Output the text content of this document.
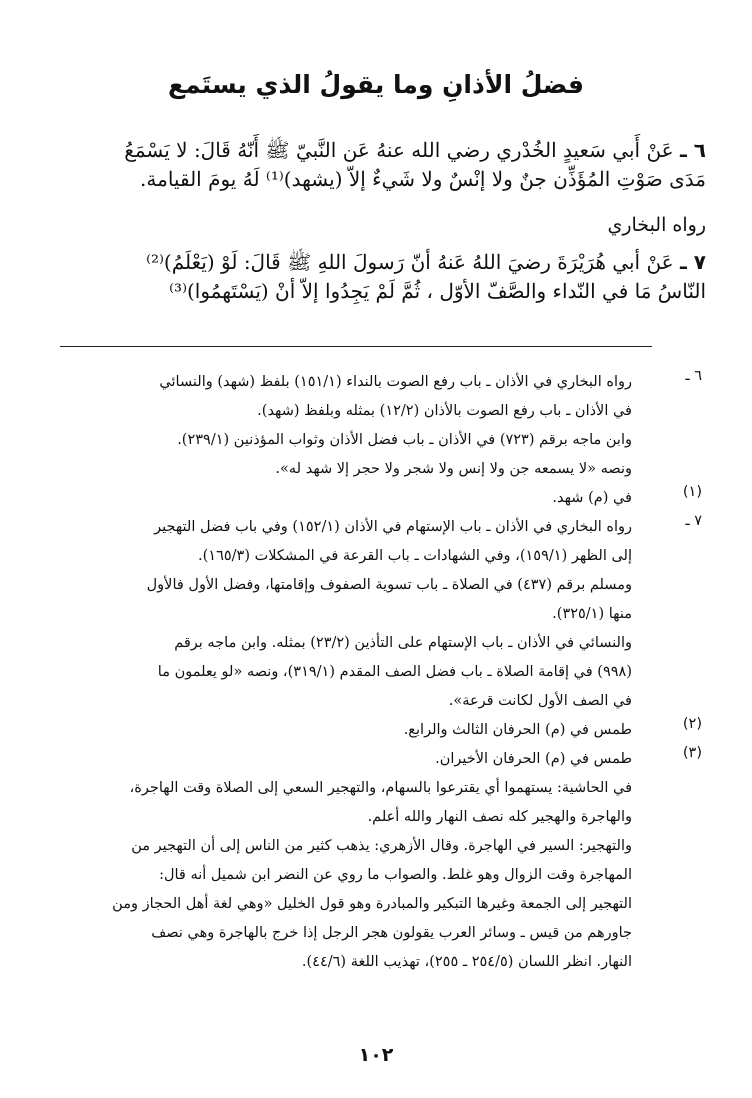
فضلُ الأذانِ وما يقولُ الذي يستَمع
٦ ـ عَنْ أَبي سَعيدٍ الخُدْري رضي الله عنهُ عَن النَّبيّ ﷺ أَنّهُ قَالَ: لا يَسْمَعُ
مَدَى صَوْتِ المُؤَذِّن جنٌ ولا إنْسٌ ولا شَيءٌ إلاّ (يشهد)⁽¹⁾ لَهُ يومَ القيامة.
رواه البخاري
٧ ـ عَنْ أبي هُرَيْرَةَ رضيَ اللهُ عَنهُ أنّ رَسولَ اللهِ ﷺ قَالَ: لَوْ (يَعْلَمُ)⁽²⁾
النّاسُ مَا في النّداء والصَّفّ الأوّل ، ثُمَّ لَمْ يَجِدُوا إلاّ أنْ (يَسْتَهمُوا)⁽³⁾
٦ ـ
رواه البخاري في الأذان ـ باب رفع الصوت بالنداء (١٥١/١) بلفظ (شهد) والنسائي
في الأذان ـ باب رفع الصوت بالأذان (١٢/٢) بمثله وبلفظ (شهد).
وابن ماجه برقم (٧٢٣) في الأذان ـ باب فضل الأذان وثواب المؤذنين (٢٣٩/١).
ونصه «لا يسمعه جن ولا إنس ولا شجر ولا حجر إلا شهد له».
(١)
في (م) شهد.
٧ ـ
رواه البخاري في الأذان ـ باب الإستهام في الأذان (١٥٢/١) وفي باب فضل التهجير
إلى الظهر (١٥٩/١)، وفي الشهادات ـ باب القرعة في المشكلات (١٦٥/٣).
ومسلم برقم (٤٣٧) في الصلاة ـ باب تسوية الصفوف وإقامتها، وفضل الأول فالأول
منها (٣٢٥/١).
والنسائي في الأذان ـ باب الإستهام على التأذين (٢٣/٢) بمثله. وابن ماجه برقم
(٩٩٨) في إقامة الصلاة ـ باب فضل الصف المقدم (٣١٩/١)، ونصه «لو يعلمون ما
في الصف الأول لكانت قرعة».
(٢)
طمس في (م) الحرفان الثالث والرابع.
(٣)
طمس في (م) الحرفان الأخيران.
في الحاشية: يستهموا أي يقترعوا بالسهام، والتهجير السعي إلى الصلاة وقت الهاجرة،
والهاجرة والهجير كله نصف النهار والله أعلم.
والتهجير: السير في الهاجرة. وقال الأزهري: يذهب كثير من الناس إلى أن التهجير من
المهاجرة وقت الزوال وهو غلط. والصواب ما روي عن النضر ابن شميل أنه قال:
التهجير إلى الجمعة وغيرها التبكير والمبادرة وهو قول الخليل «وهي لغة أهل الحجاز ومن
جاورهم من قيس ـ وسائر العرب يقولون هجر الرجل إذا خرج بالهاجرة وهي نصف
النهار. انظر اللسان (٢٥٤/٥ ـ ٢٥٥)، تهذيب اللغة (٤٤/٦).
١٠٢
